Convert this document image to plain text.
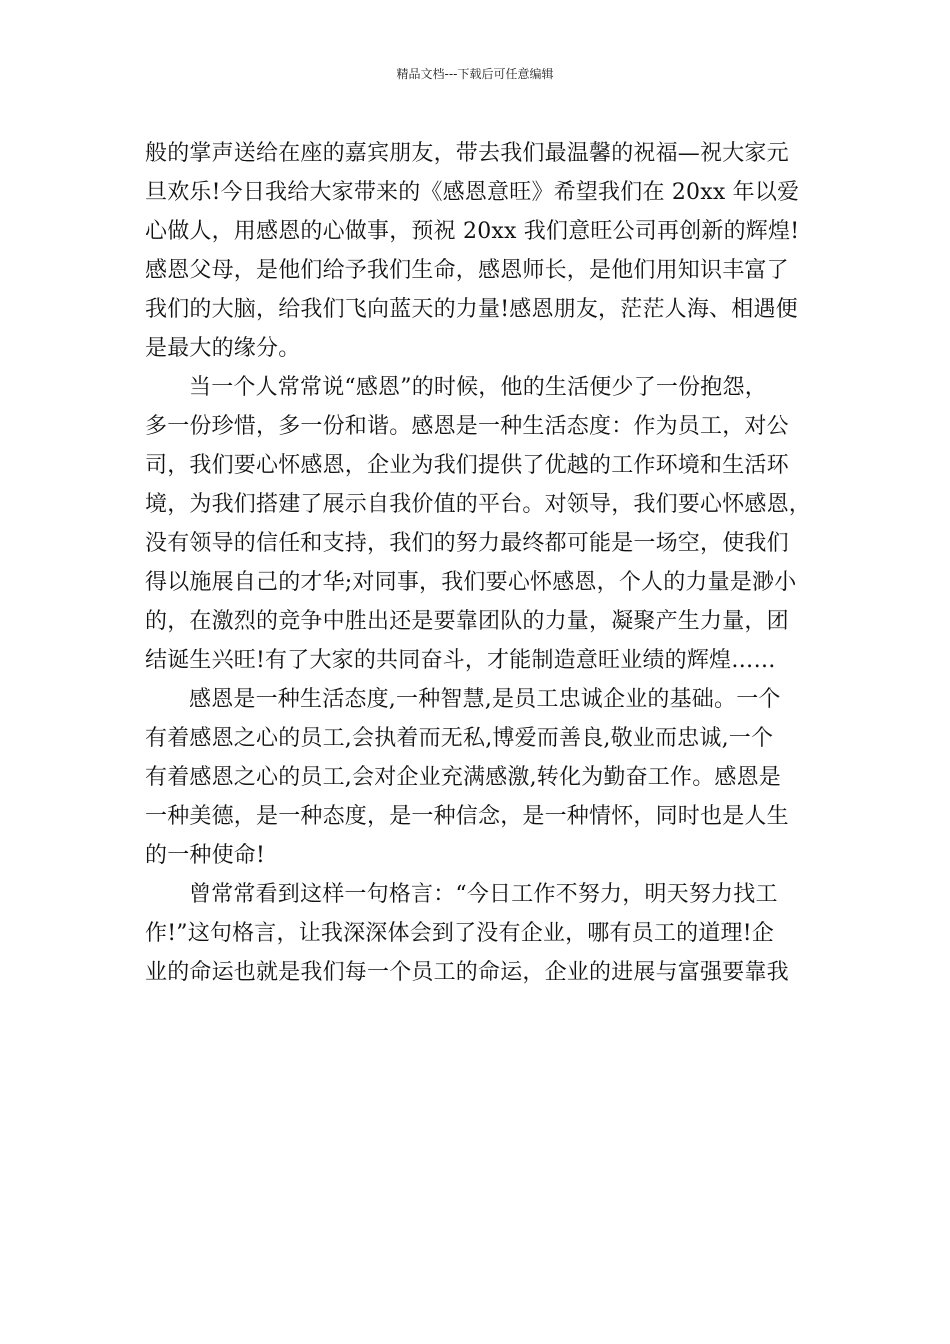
精品文档---下载后可任意编辑
般的掌声送给在座的嘉宾朋友，带去我们最温馨的祝福—祝大家元
旦欢乐!今日我给大家带来的《感恩意旺》希望我们在 20xx 年以爱
心做人，用感恩的心做事，预祝 20xx 我们意旺公司再创新的辉煌!
感恩父母，是他们给予我们生命，感恩师长，是他们用知识丰富了
我们的大脑，给我们飞向蓝天的力量!感恩朋友，茫茫人海、相遇便
是最大的缘分。
当一个人常常说“感恩”的时候，他的生活便少了一份抱怨，
多一份珍惜，多一份和谐。感恩是一种生活态度：作为员工，对公
司，我们要心怀感恩，企业为我们提供了优越的工作环境和生活环
境，为我们搭建了展示自我价值的平台。对领导，我们要心怀感恩，
没有领导的信任和支持，我们的努力最终都可能是一场空，使我们
得以施展自己的才华;对同事，我们要心怀感恩，个人的力量是渺小
的，在激烈的竞争中胜出还是要靠团队的力量，凝聚产生力量，团
结诞生兴旺!有了大家的共同奋斗，才能制造意旺业绩的辉煌……
感恩是一种生活态度,一种智慧,是员工忠诚企业的基础。一个
有着感恩之心的员工,会执着而无私,博爱而善良,敬业而忠诚,一个
有着感恩之心的员工,会对企业充满感激,转化为勤奋工作。感恩是
一种美德，是一种态度，是一种信念，是一种情怀，同时也是人生
的一种使命!
曾常常看到这样一句格言：“今日工作不努力，明天努力找工
作!”这句格言，让我深深体会到了没有企业，哪有员工的道理!企
业的命运也就是我们每一个员工的命运，企业的进展与富强要靠我
